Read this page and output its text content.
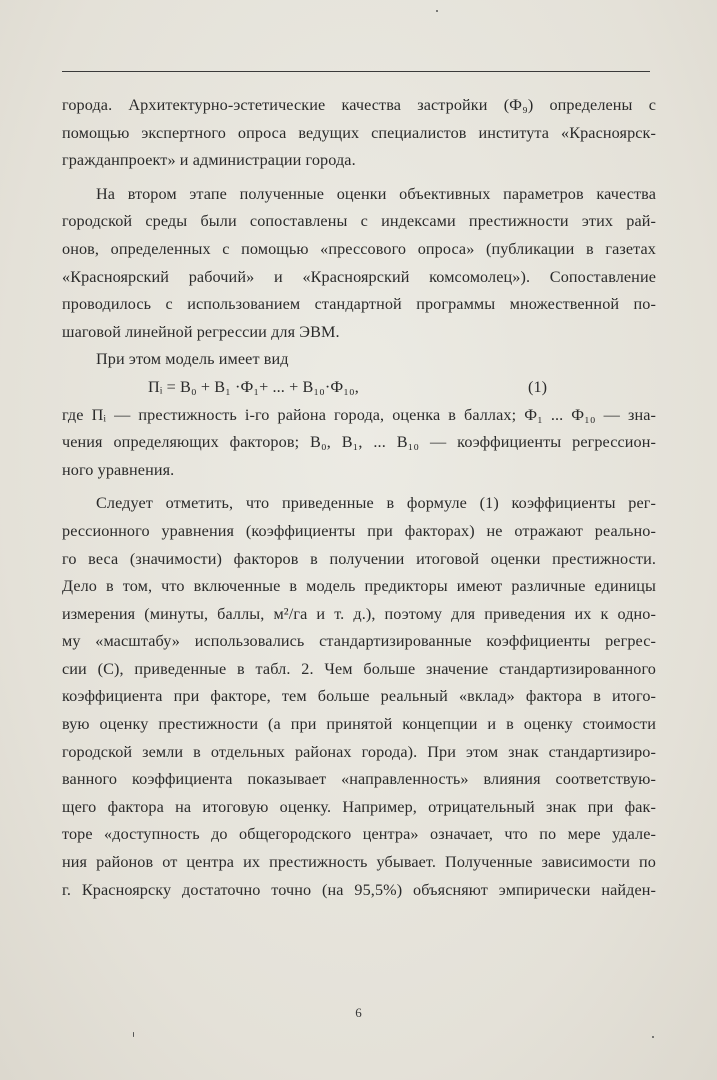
города. Архитектурно-эстетические качества застройки (Ф₉) определены с
помощью экспертного опроса ведущих специалистов института «Красноярск-
гражданпроект» и администрации города.
На втором этапе полученные оценки объективных параметров качества
городской среды были сопоставлены с индексами престижности этих рай-
онов, определенных с помощью «прессового опроса» (публикации в газетах
«Красноярский рабочий» и «Красноярский комсомолец»). Сопоставление
проводилось с использованием стандартной программы множественной по-
шаговой линейной регрессии для ЭВМ.
При этом модель имеет вид
Пᵢ = В₀ + В₁ ·Ф₁+ ... + В₁₀·Ф₁₀,	(1)
где Пᵢ — престижность i-го района города, оценка в баллах; Ф₁ ... Ф₁₀ — зна-
чения определяющих факторов; В₀, В₁, ... В₁₀ — коэффициенты регрессион-
ного уравнения.
Следует отметить, что приведенные в формуле (1) коэффициенты рег-
рессионного уравнения (коэффициенты при факторах) не отражают реально-
го веса (значимости) факторов в получении итоговой оценки престижности.
Дело в том, что включенные в модель предикторы имеют различные единицы
измерения (минуты, баллы, м²/га и т. д.), поэтому для приведения их к одно-
му «масштабу» использовались стандартизированные коэффициенты регрес-
сии (С), приведенные в табл. 2. Чем больше значение стандартизированного
коэффициента при факторе, тем больше реальный «вклад» фактора в итого-
вую оценку престижности (а при принятой концепции и в оценку стоимости
городской земли в отдельных районах города). При этом знак стандартизиро-
ванного коэффициента показывает «направленность» влияния соответствую-
щего фактора на итоговую оценку. Например, отрицательный знак при фак-
торе «доступность до общегородского центра» означает, что по мере удале-
ния районов от центра их престижность убывает. Полученные зависимости по
г. Красноярску достаточно точно (на 95,5%) объясняют эмпирически найден-
6
